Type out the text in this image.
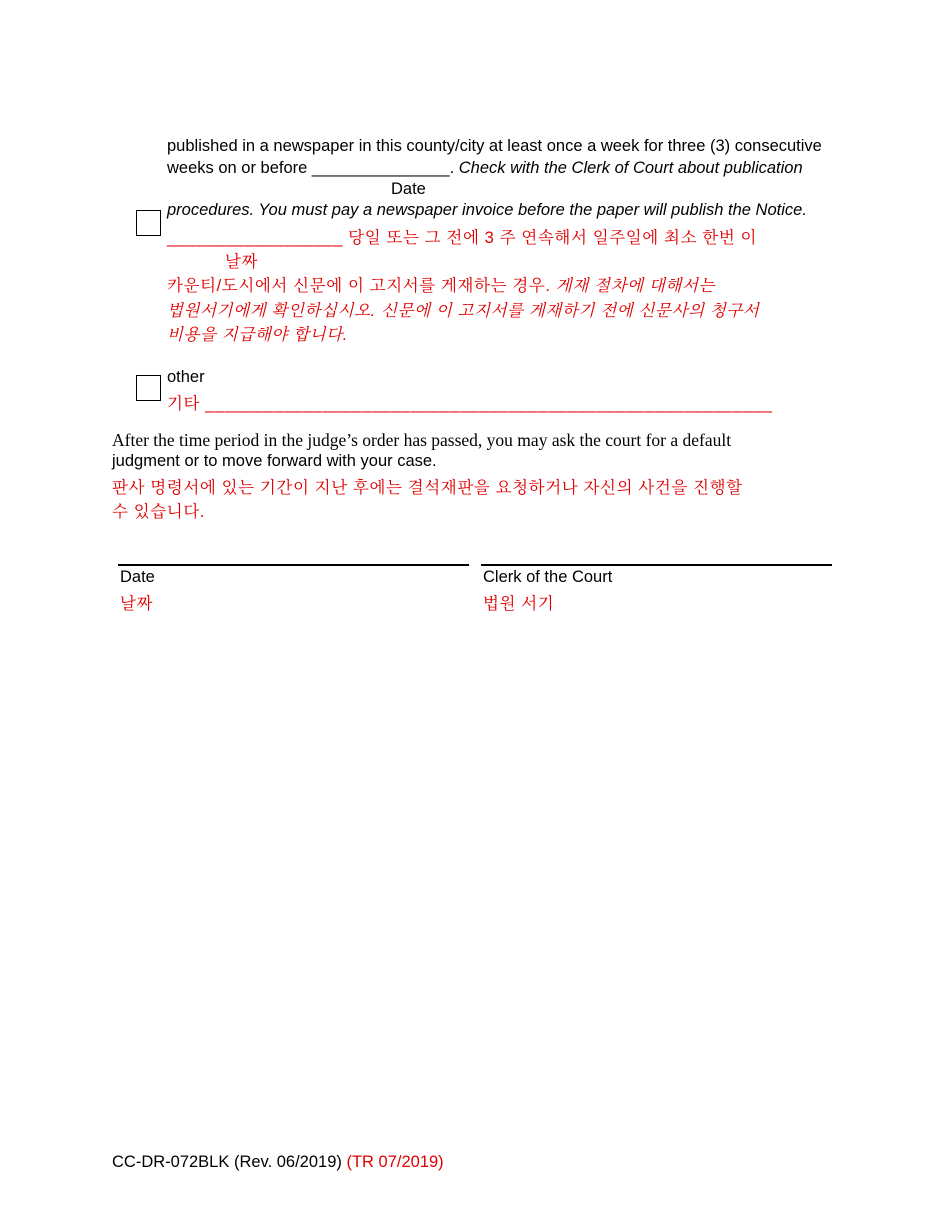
published in a newspaper in this county/city at least once a week for three (3) consecutive
weeks on or before _______________. Check with the Clerk of Court about publication
Date
procedures. You must pay a newspaper invoice before the paper will publish the Notice.
__________________ 당일 또는 그 전에 3 주 연속해서 일주일에 최소 한번 이
날짜
카운티/도시에서 신문에 이 고지서를 게재하는 경우. 게재 절차에 대해서는
법원서기에게 확인하십시오. 신문에 이 고지서를 게재하기 전에 신문사의 청구서
비용을 지급해야 합니다.
other
기타 __________________________________________________________
After the time period in the judge’s order has passed, you may ask the court for a default
judgment or to move forward with your case.
판사 명령서에 있는 기간이 지난 후에는 결석재판을 요청하거나 자신의 사건을 진행할
수 있습니다.
Date
날짜
Clerk of the Court
법원 서기
CC-DR-072BLK (Rev. 06/2019) (TR 07/2019)
